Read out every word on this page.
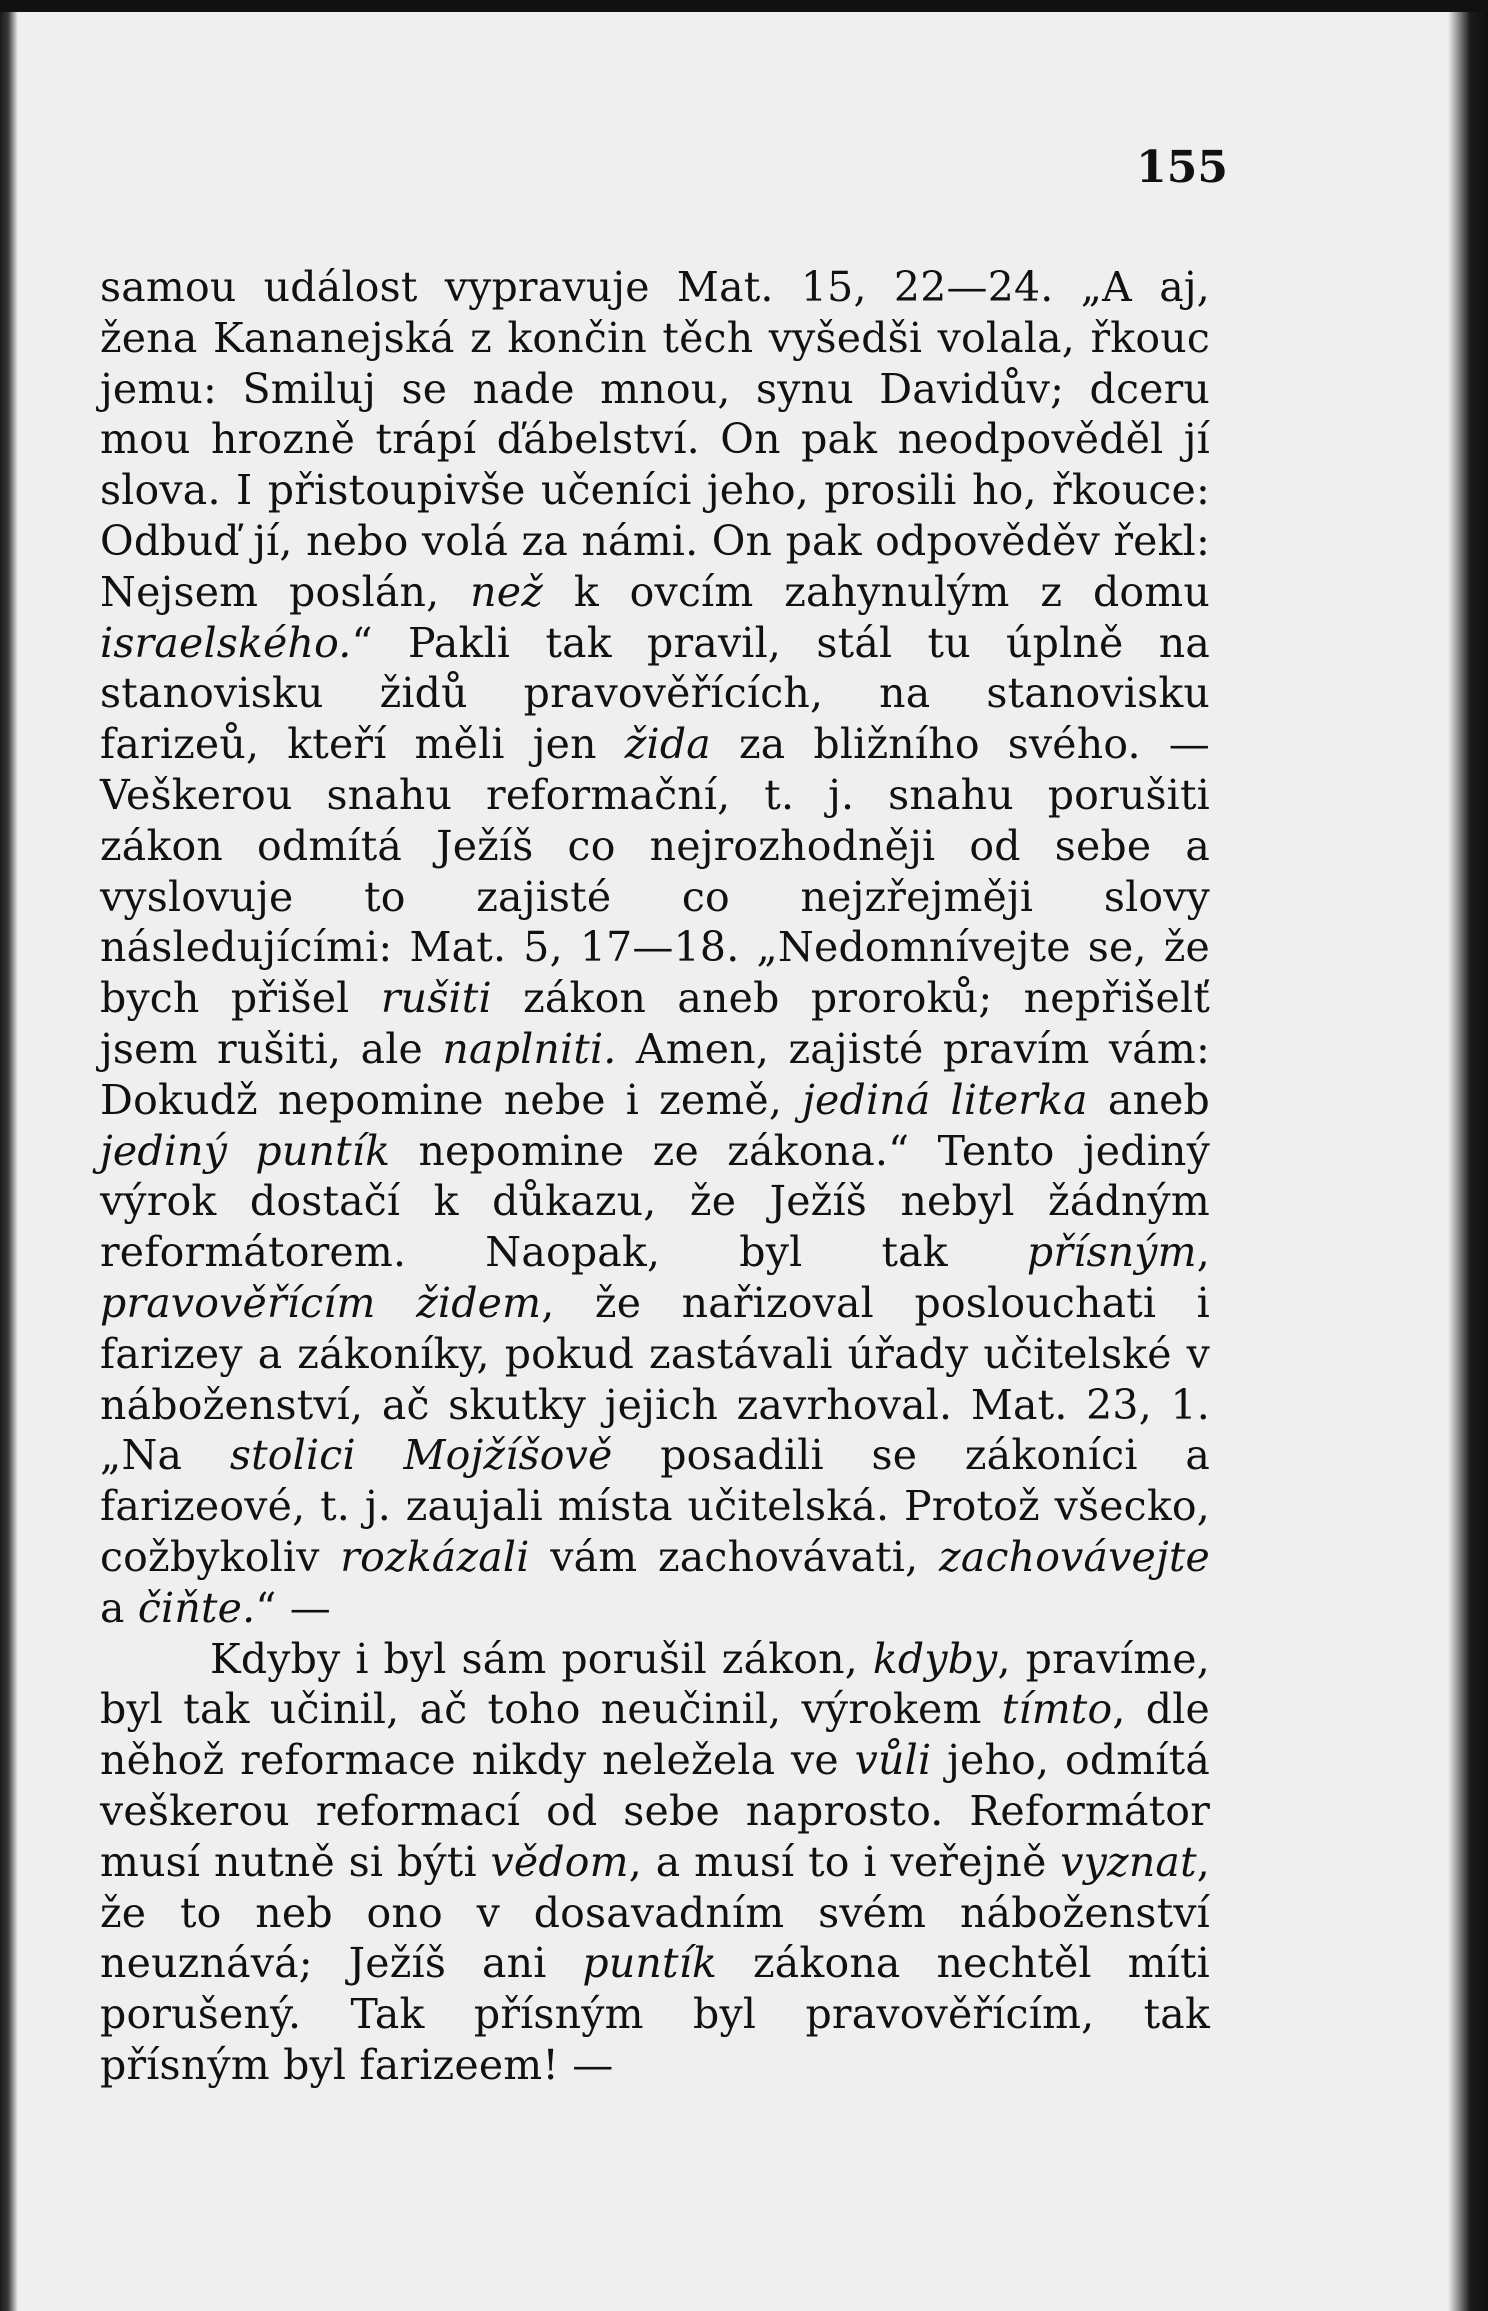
155

samou událost vypravuje Mat. 15, 22—24. „A aj, žena Kananejská z končin těch vyšedši volala, řkouc jemu: Smiluj se nade mnou, synu Davidův; dceru mou hrozně trápí ďábelství. On pak neodpověděl jí slova. I přistoupivše učeníci jeho, prosili ho, řkouce: Odbuď jí, nebo volá za námi. On pak odpověděv řekl: Nejsem poslán, než k ovcím zahynulým z domu israelského.“ Pakli tak pravil, stál tu úplně na stanovisku židů pravověřících, na stanovisku farizeů, kteří měli jen žida za bližního svého. — Veškerou snahu reformační, t. j. snahu porušiti zákon odmítá Ježíš co nejrozhodněji od sebe a vyslovuje to zajisté co nejzřejměji slovy následujícími: Mat. 5, 17—18. „Nedomnívejte se, že bych přišel rušiti zákon aneb proroků; nepřišelť jsem rušiti, ale naplniti. Amen, zajisté pravím vám: Dokudž nepomine nebe i země, jediná literka aneb jediný puntík nepomine ze zákona.“ Tento jediný výrok dostačí k důkazu, že Ježíš nebyl žádným reformátorem. Naopak, byl tak přísným, pravověřícím židem, že nařizoval poslouchati i farizey a zákoníky, pokud zastávali úřady učitelské v náboženství, ač skutky jejich zavrhoval. Mat. 23, 1. „Na stolici Mojžíšově posadili se zákoníci a farizeové, t. j. zaujali místa učitelská. Protož všecko, cožbykoliv rozkázali vám zachovávati, zachovávejte a čiňte.“ —

Kdyby i byl sám porušil zákon, kdyby, pravíme, byl tak učinil, ač toho neučinil, výrokem tímto, dle něhož reformace nikdy neležela ve vůli jeho, odmítá veškerou reformací od sebe naprosto. Reformátor musí nutně si býti vědom, a musí to i veřejně vyznat, že to neb ono v dosavadním svém náboženství neuznává; Ježíš ani puntík zákona nechtěl míti porušený. Tak přísným byl pravověřícím, tak přísným byl farizeem! —
